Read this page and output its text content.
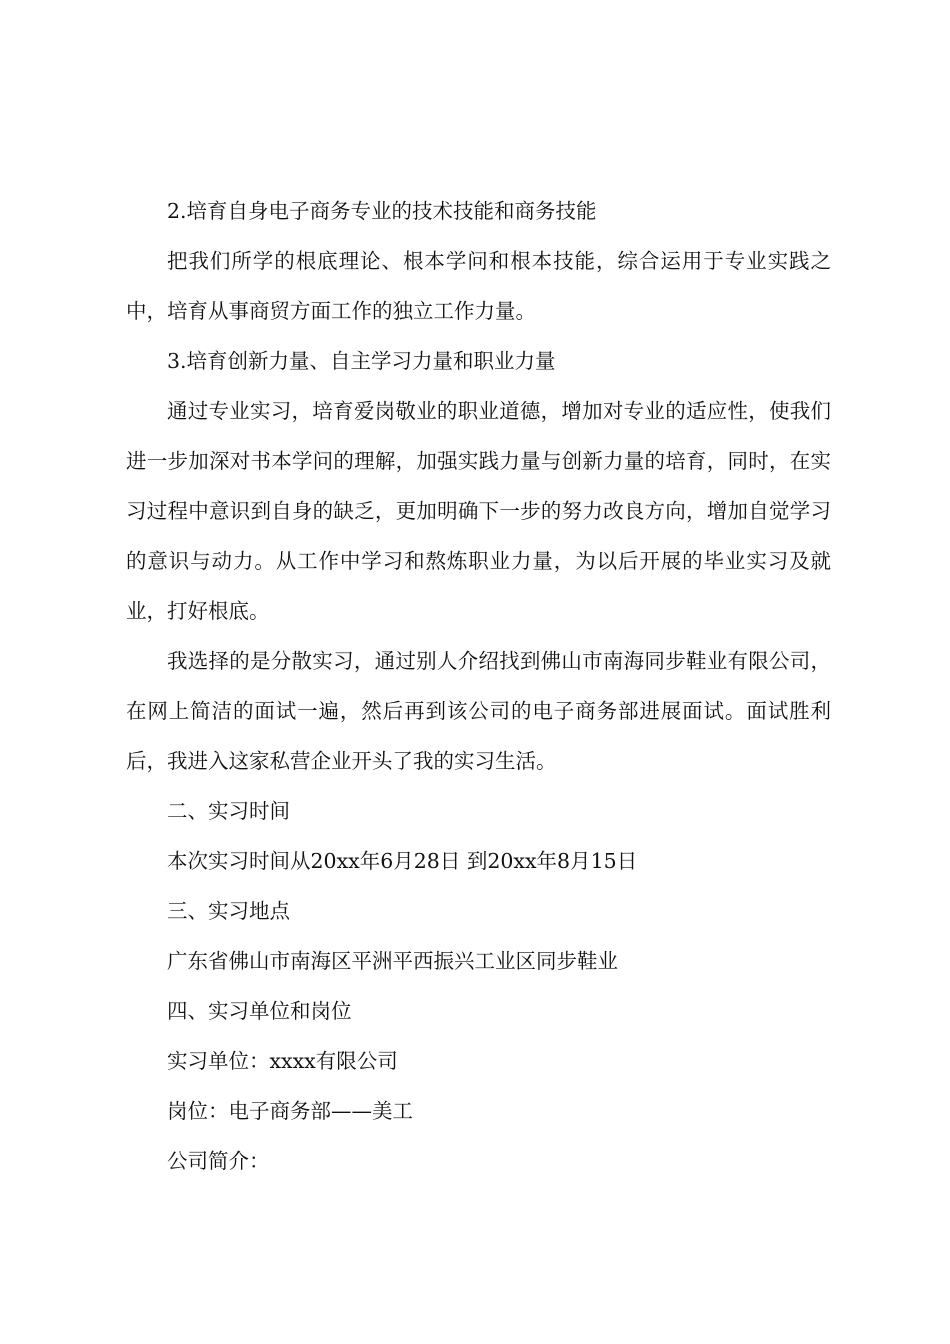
2.培育自身电子商务专业的技术技能和商务技能

把我们所学的根底理论、根本学问和根本技能，综合运用于专业实践之中，培育从事商贸方面工作的独立工作力量。

3.培育创新力量、自主学习力量和职业力量

通过专业实习，培育爱岗敬业的职业道德，增加对专业的适应性，使我们进一步加深对书本学问的理解，加强实践力量与创新力量的培育，同时，在实习过程中意识到自身的缺乏，更加明确下一步的努力改良方向，增加自觉学习的意识与动力。从工作中学习和熬炼职业力量，为以后开展的毕业实习及就业，打好根底。

我选择的是分散实习，通过别人介绍找到佛山市南海同步鞋业有限公司，在网上简洁的面试一遍，然后再到该公司的电子商务部进展面试。面试胜利后，我进入这家私营企业开头了我的实习生活。

二、实习时间

本次实习时间从20xx年6月28日 到20xx年8月15日

三、实习地点

广东省佛山市南海区平洲平西振兴工业区同步鞋业

四、实习单位和岗位

实习单位：xxxx有限公司

岗位：电子商务部——美工

公司简介：
